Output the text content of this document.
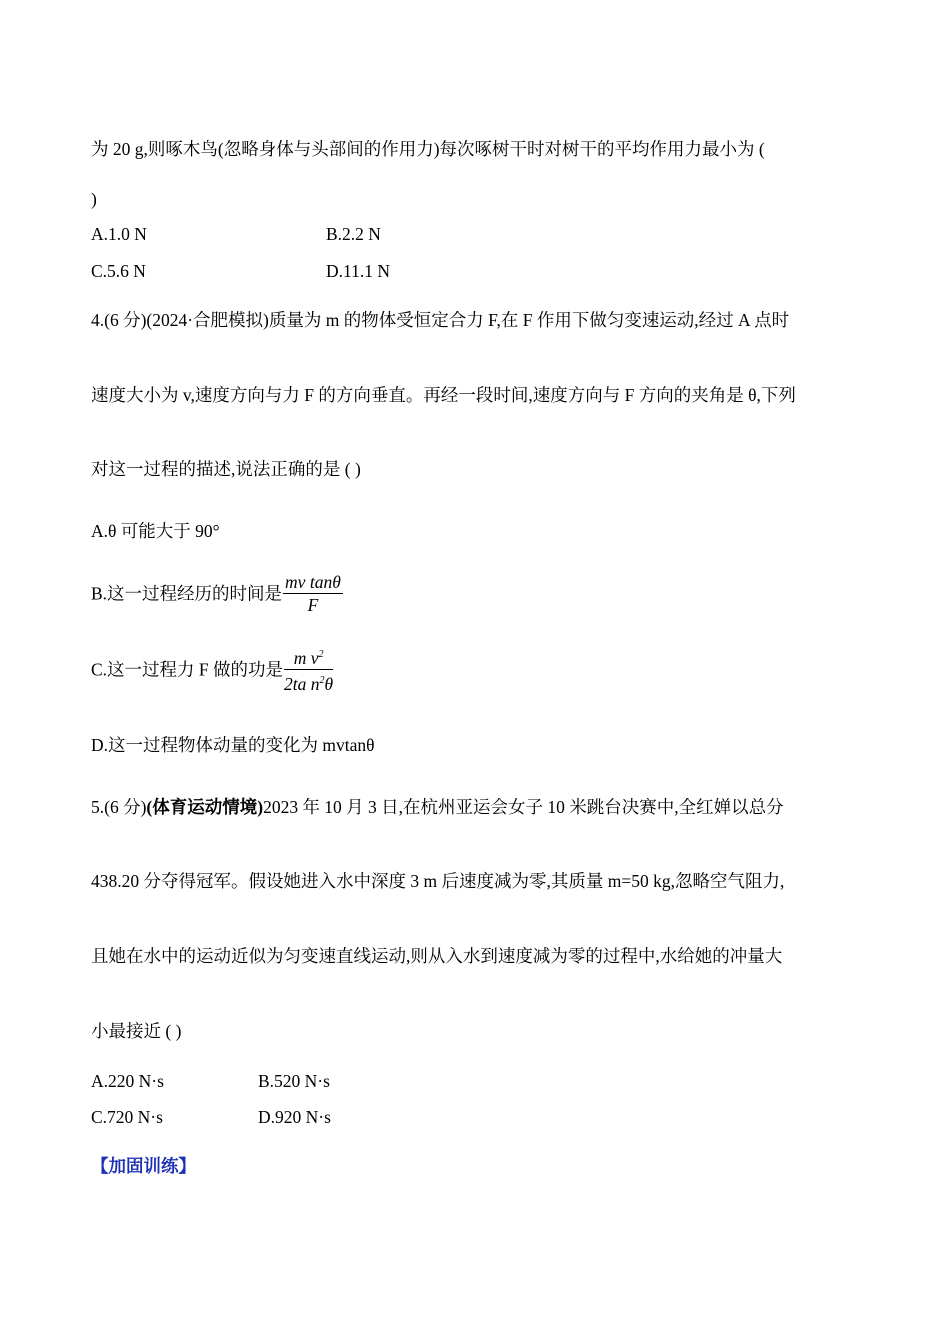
为 20 g,则啄木鸟(忽略身体与头部间的作用力)每次啄树干时对树干的平均作用力最小为 (
)
A.1.0 N	B.2.2 N
C.5.6 N	D.11.1 N
4.(6 分)(2024·合肥模拟)质量为 m 的物体受恒定合力 F,在 F 作用下做匀变速运动,经过 A 点时
速度大小为 v,速度方向与力 F 的方向垂直。再经一段时间,速度方向与 F 方向的夹角是 θ,下列
对这一过程的描述,说法正确的是 ( )
A.θ 可能大于 90°
B.这一过程经历的时间是 $\frac{\text{mv tanθ}}{F}$
C.这一过程力 F 做的功是 $\frac{m v^2}{2ta n^2\theta}$
D.这一过程物体动量的变化为 mvtanθ
5.(6 分)(体育运动情境)2023 年 10 月 3 日,在杭州亚运会女子 10 米跳台决赛中,全红婵以总分
438.20 分夺得冠军。假设她进入水中深度 3 m 后速度减为零,其质量 m=50 kg,忽略空气阻力,
且她在水中的运动近似为匀变速直线运动,则从入水到速度减为零的过程中,水给她的冲量大
小最接近 ( )
A.220 N·s	B.520 N·s
C.720 N·s	D.920 N·s
【加固训练】
